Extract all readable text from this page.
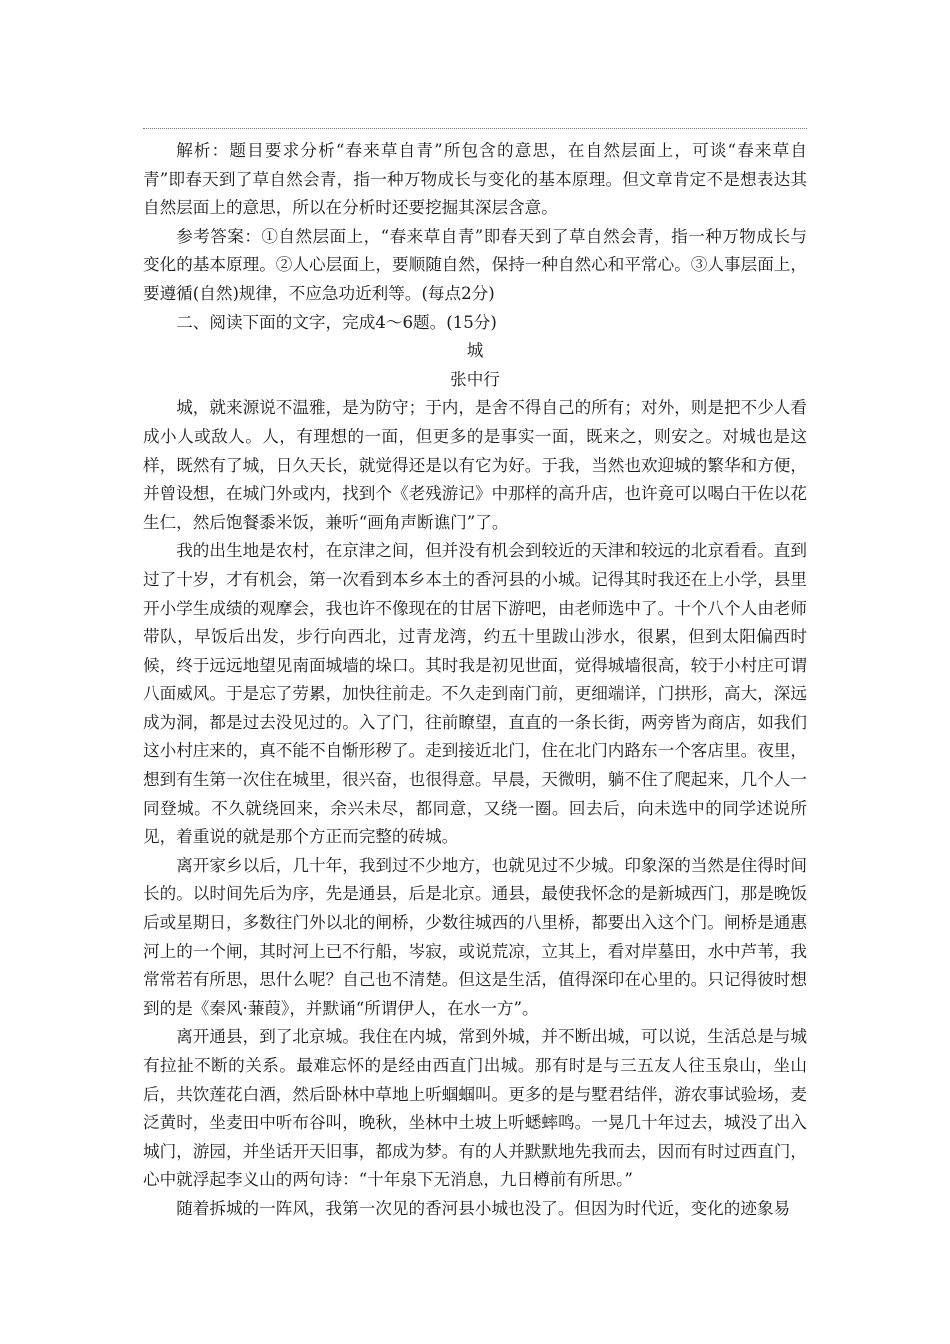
解析：题目要求分析“春来草自青”所包含的意思，在自然层面上，可谈“春来草自青”即春天到了草自然会青，指一种万物成长与变化的基本原理。但文章肯定不是想表达其自然层面上的意思，所以在分析时还要挖掘其深层含意。

参考答案：①自然层面上，“春来草自青”即春天到了草自然会青，指一种万物成长与变化的基本原理。②人心层面上，要顺随自然，保持一种自然心和平常心。③人事层面上，要遵循(自然)规律，不应急功近利等。(每点2分)

二、阅读下面的文字，完成4～6题。(15分)

城

张中行

城，就来源说不温雅，是为防守；于内，是舍不得自己的所有；对外，则是把不少人看成小人或敌人。人，有理想的一面，但更多的是事实一面，既来之，则安之。对城也是这样，既然有了城，日久天长，就觉得还是以有它为好。于我，当然也欢迎城的繁华和方便，并曾设想，在城门外或内，找到个《老残游记》中那样的高升店，也许竟可以喝白干佐以花生仁，然后饱餐黍米饭，兼听“画角声断谯门”了。

我的出生地是农村，在京津之间，但并没有机会到较近的天津和较远的北京看看。直到过了十岁，才有机会，第一次看到本乡本土的香河县的小城。记得其时我还在上小学，县里开小学生成绩的观摩会，我也许不像现在的甘居下游吧，由老师选中了。十个八个人由老师带队，早饭后出发，步行向西北，过青龙湾，约五十里跋山涉水，很累，但到太阳偏西时候，终于远远地望见南面城墙的垛口。其时我是初见世面，觉得城墙很高，较于小村庄可谓八面威风。于是忘了劳累，加快往前走。不久走到南门前，更细端详，门拱形，高大，深远成为洞，都是过去没见过的。入了门，往前瞭望，直直的一条长街，两旁皆为商店，如我们这小村庄来的，真不能不自惭形秽了。走到接近北门，住在北门内路东一个客店里。夜里，想到有生第一次住在城里，很兴奋，也很得意。早晨，天微明，躺不住了爬起来，几个人一同登城。不久就绕回来，余兴未尽，都同意，又绕一圈。回去后，向未选中的同学述说所见，着重说的就是那个方正而完整的砖城。

离开家乡以后，几十年，我到过不少地方，也就见过不少城。印象深的当然是住得时间长的。以时间先后为序，先是通县，后是北京。通县，最使我怀念的是新城西门，那是晚饭后或星期日，多数往门外以北的闸桥，少数往城西的八里桥，都要出入这个门。闸桥是通惠河上的一个闸，其时河上已不行船，岑寂，或说荒凉，立其上，看对岸墓田，水中芦苇，我常常若有所思，思什么呢？自己也不清楚。但这是生活，值得深印在心里的。只记得彼时想到的是《秦风·蒹葭》，并默诵“所谓伊人，在水一方”。

离开通县，到了北京城。我住在内城，常到外城，并不断出城，可以说，生活总是与城有拉扯不断的关系。最难忘怀的是经由西直门出城。那有时是与三五友人往玉泉山，坐山后，共饮莲花白酒，然后卧林中草地上听蝈蝈叫。更多的是与墅君结伴，游农事试验场，麦泛黄时，坐麦田中听布谷叫，晚秋，坐林中土坡上听蟋蟀鸣。一晃几十年过去，城没了出入城门，游园，并坐话开天旧事，都成为梦。有的人并默默地先我而去，因而有时过西直门，心中就浮起李义山的两句诗：“十年泉下无消息，九日樽前有所思。”

随着拆城的一阵风，我第一次见的香河县小城也没了。但因为时代近，变化的迹象易
